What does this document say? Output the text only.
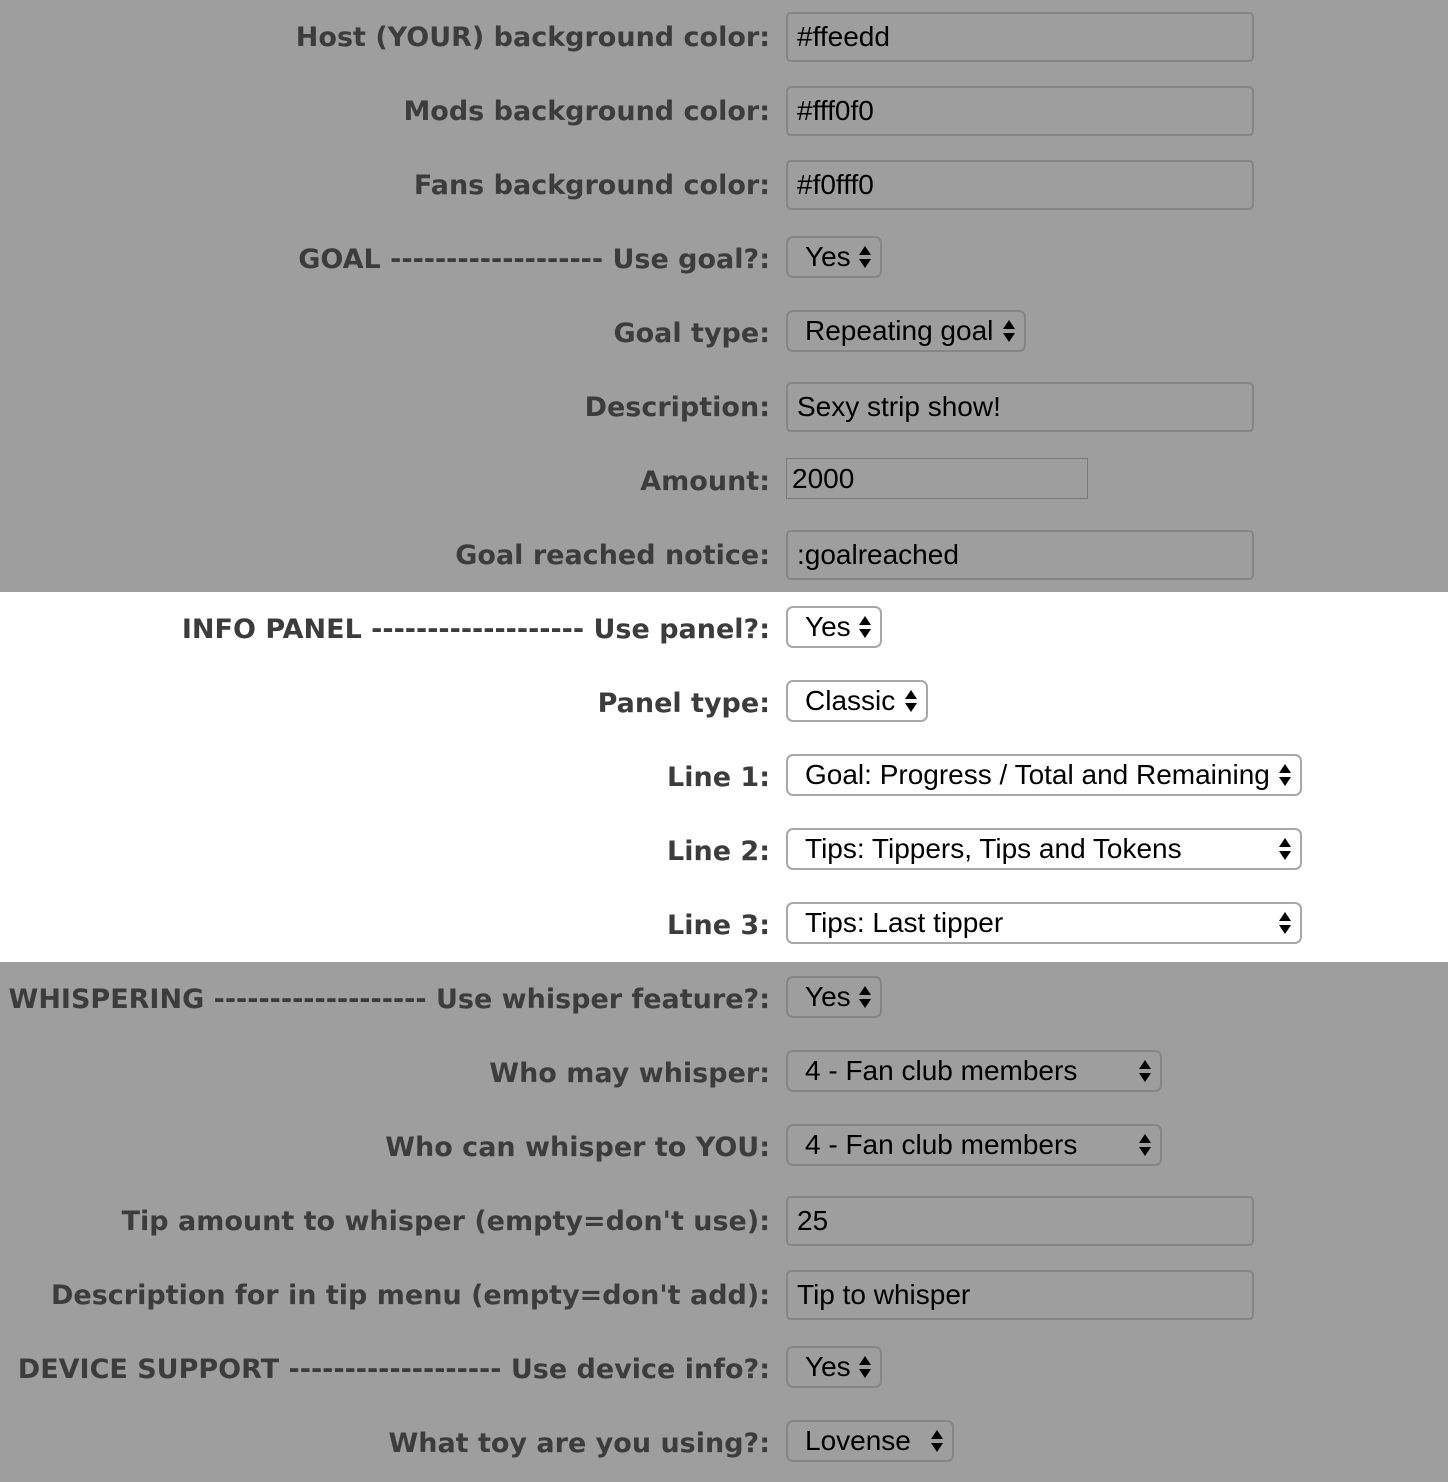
Host (YOUR) background color: #ffeedd
Mods background color: #fff0f0
Fans background color: #f0fff0
GOAL ------------------- Use goal?:	Yes
Goal type:	Repeating goal
Description: Sexy strip show!
Amount: 2000
Goal reached notice: :goalreached
INFO PANEL ------------------- Use panel?:	Yes
Panel type:	Classic
Line 1:	Goal: Progress / Total and Remaining
Line 2:	Tips: Tippers, Tips and Tokens
Line 3:	Tips: Last tipper
WHISPERING ------------------- Use whisper feature?:	Yes
Who may whisper:	4 - Fan club members
Who can whisper to YOU:	4 - Fan club members
Tip amount to whisper (empty=don't use): 25
Description for in tip menu (empty=don't add): Tip to whisper
DEVICE SUPPORT ------------------- Use device info?:	Yes
What toy are you using?:	Lovense
